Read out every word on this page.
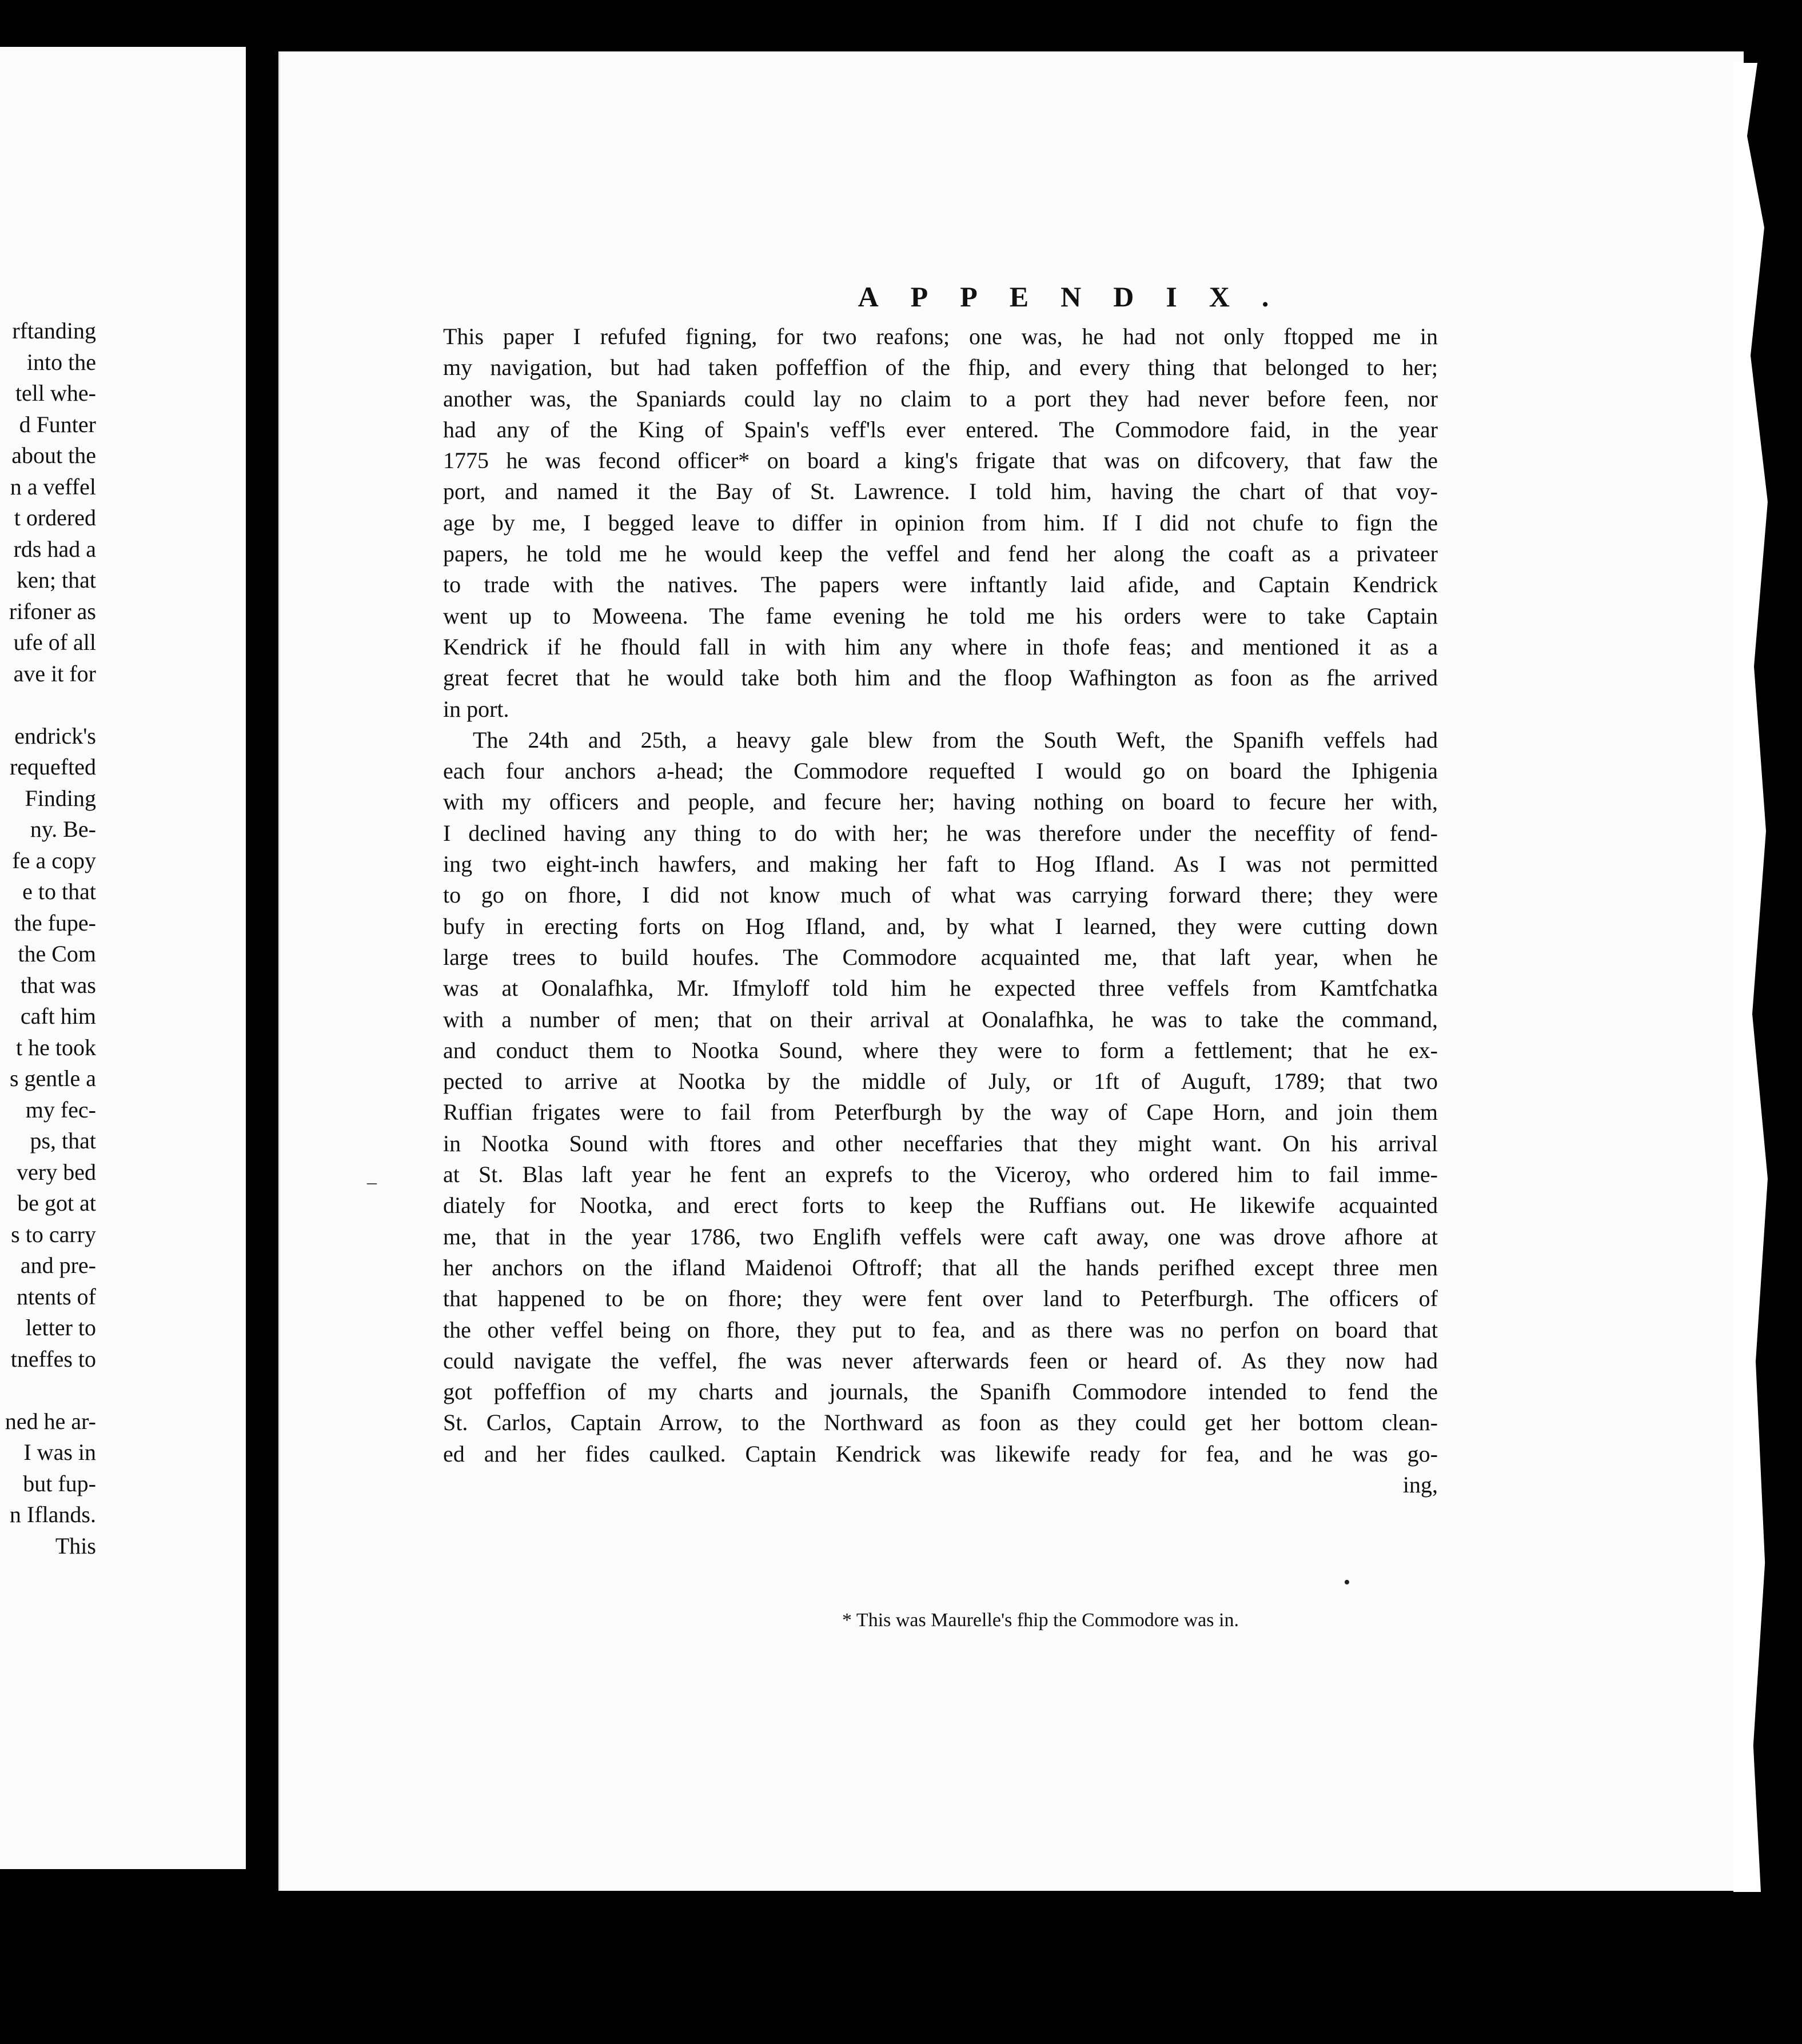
rftanding
into the
tell whe-
d Funter
about the
n a veffel
t ordered
rds had a
ken; that
rifoner as
ufe of all
ave it for
endrick's
requefted
Finding
ny. Be-
fe a copy
e to that
the fupe-
the Com
that was
caft him
t he took
s gentle a
my fec-
ps, that
very bed
be got at
s to carry
and pre-
ntents of
letter to
tneffes to
ned he ar-
I was in
but fup-
n Iflands.
This
APPENDIX.
This paper I refufed figning, for two reafons; one was, he had not only ftopped me in
my navigation, but had taken poffeffion of the fhip, and every thing that belonged to her;
another was, the Spaniards could lay no claim to a port they had never before feen, nor
had any of the King of Spain's veff'ls ever entered. The Commodore faid, in the year
1775 he was fecond officer* on board a king's frigate that was on difcovery, that faw the
port, and named it the Bay of St. Lawrence. I told him, having the chart of that voy-
age by me, I begged leave to differ in opinion from him. If I did not chufe to fign the
papers, he told me he would keep the veffel and fend her along the coaft as a privateer
to trade with the natives. The papers were inftantly laid afide, and Captain Kendrick
went up to Moweena. The fame evening he told me his orders were to take Captain
Kendrick if he fhould fall in with him any where in thofe feas; and mentioned it as a
great fecret that he would take both him and the floop Wafhington as foon as fhe arrived
in port.
The 24th and 25th, a heavy gale blew from the South Weft, the Spanifh veffels had
each four anchors a-head; the Commodore requefted I would go on board the Iphigenia
with my officers and people, and fecure her; having nothing on board to fecure her with,
I declined having any thing to do with her; he was therefore under the neceffity of fend-
ing two eight-inch hawfers, and making her faft to Hog Ifland. As I was not permitted
to go on fhore, I did not know much of what was carrying forward there; they were
bufy in erecting forts on Hog Ifland, and, by what I learned, they were cutting down
large trees to build houfes. The Commodore acquainted me, that laft year, when he
was at Oonalafhka, Mr. Ifmyloff told him he expected three veffels from Kamtfchatka
with a number of men; that on their arrival at Oonalafhka, he was to take the command,
and conduct them to Nootka Sound, where they were to form a fettlement; that he ex-
pected to arrive at Nootka by the middle of July, or 1ft of Auguft, 1789; that two
Ruffian frigates were to fail from Peterfburgh by the way of Cape Horn, and join them
in Nootka Sound with ftores and other neceffaries that they might want. On his arrival
at St. Blas laft year he fent an exprefs to the Viceroy, who ordered him to fail imme-
diately for Nootka, and erect forts to keep the Ruffians out. He likewife acquainted
me, that in the year 1786, two Englifh veffels were caft away, one was drove afhore at
her anchors on the ifland Maidenoi Oftroff; that all the hands perifhed except three men
that happened to be on fhore; they were fent over land to Peterfburgh. The officers of
the other veffel being on fhore, they put to fea, and as there was no perfon on board that
could navigate the veffel, fhe was never afterwards feen or heard of. As they now had
got poffeffion of my charts and journals, the Spanifh Commodore intended to fend the
St. Carlos, Captain Arrow, to the Northward as foon as they could get her bottom clean-
ed and her fides caulked. Captain Kendrick was likewife ready for fea, and he was go-
ing,
* This was Maurelle's fhip the Commodore was in.
•
–
